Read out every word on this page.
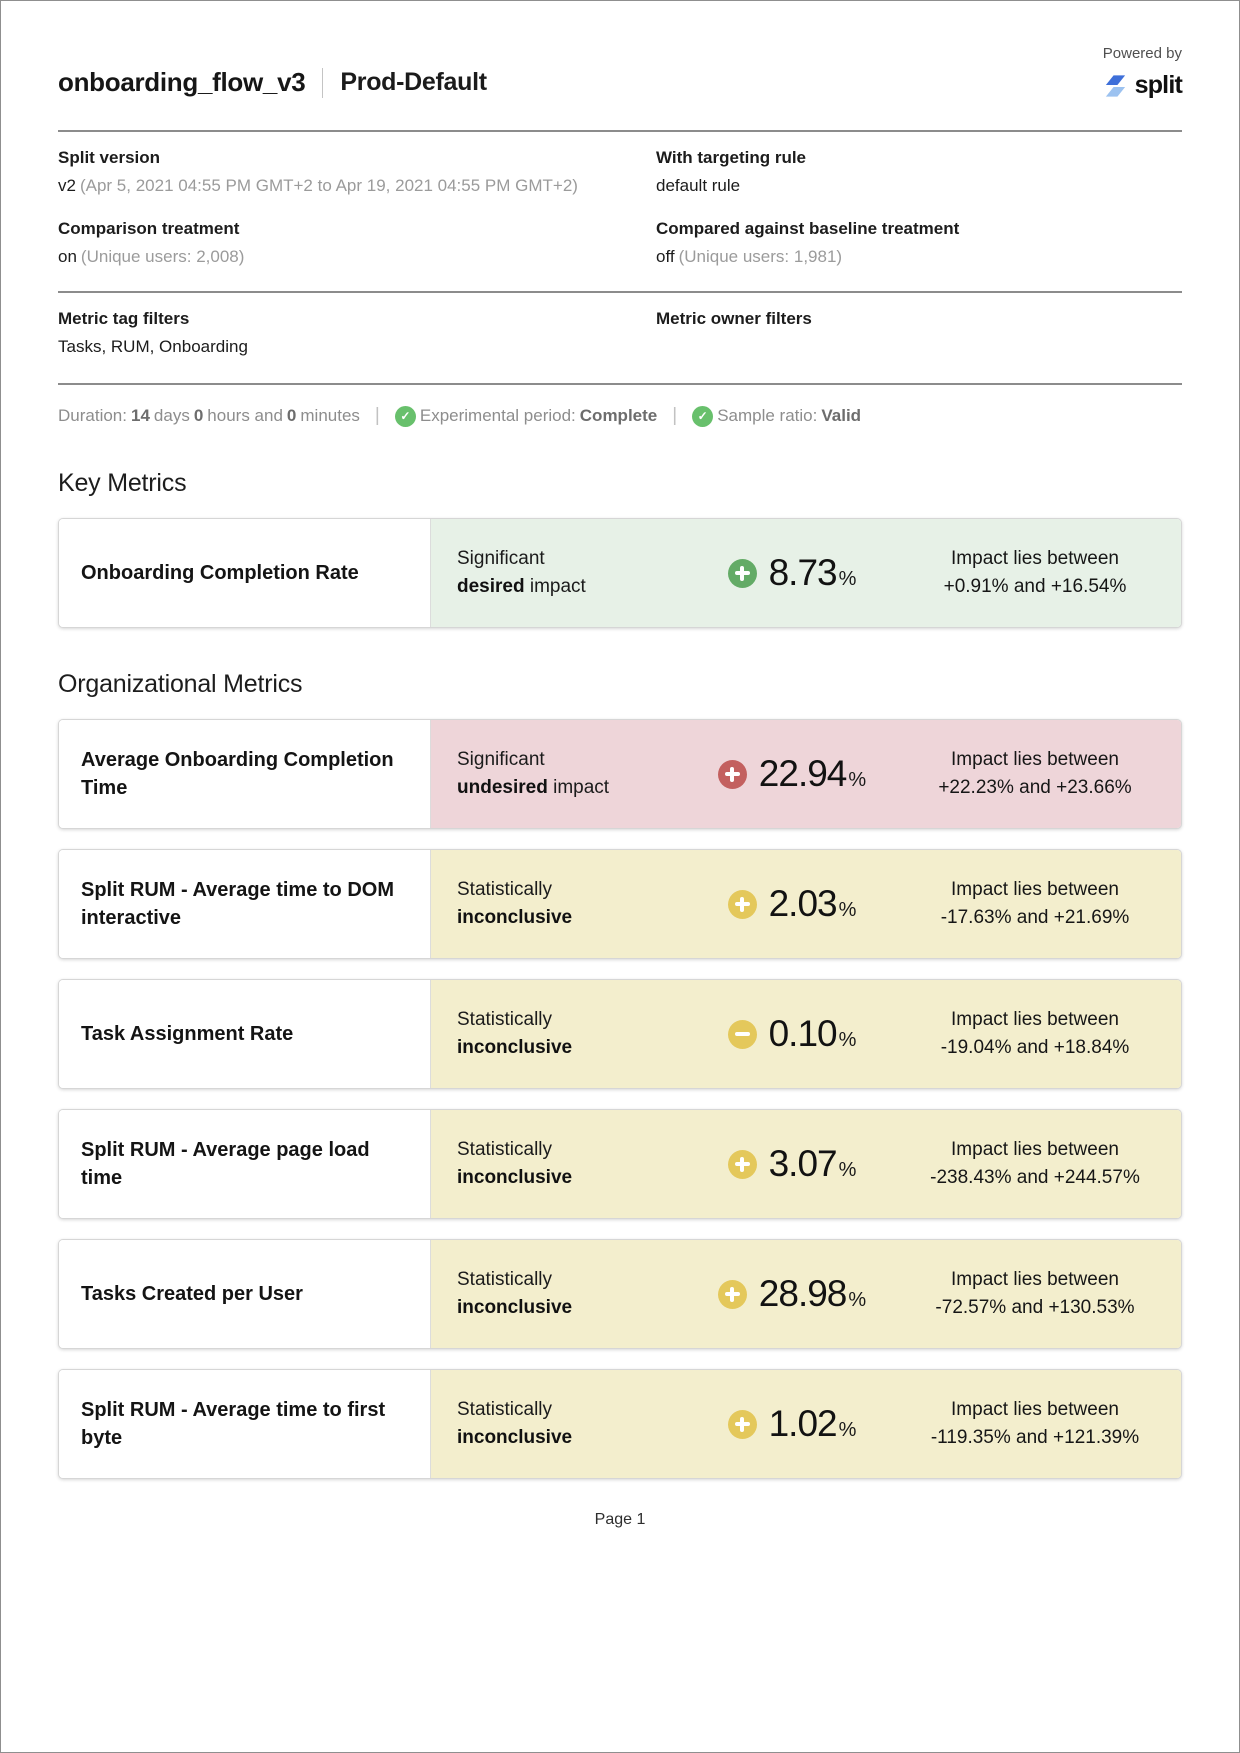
onboarding_flow_v3 Prod-Default
Powered by
split
Split version
v2 (Apr 5, 2021 04:55 PM GMT+2 to Apr 19, 2021 04:55 PM GMT+2)
With targeting rule
default rule
Comparison treatment
on (Unique users: 2,008)
Compared against baseline treatment
off (Unique users: 1,981)
Metric tag filters
Tasks, RUM, Onboarding
Metric owner filters
Duration: 14 days 0 hours and 0 minutes | ✓ Experimental period: Complete | ✓ Sample ratio: Valid
Key Metrics
Onboarding Completion Rate
Significant
desired impact	8.73 %
Impact lies between
+0.91% and +16.54%
Organizational Metrics
Average Onboarding Completion Time
Significant
undesired impact	22.94 %
Impact lies between
+22.23% and +23.66%
Split RUM - Average time to DOM interactive
Statistically
inconclusive	2.03 %
Impact lies between
-17.63% and +21.69%
Task Assignment Rate
Statistically
inconclusive	0.10 %
Impact lies between
-19.04% and +18.84%
Split RUM - Average page load time
Statistically
inconclusive	3.07 %
Impact lies between
-238.43% and +244.57%
Tasks Created per User
Statistically
inconclusive	28.98 %
Impact lies between
-72.57% and +130.53%
Split RUM - Average time to first byte
Statistically
inconclusive	1.02 %
Impact lies between
-119.35% and +121.39%
Page 1
